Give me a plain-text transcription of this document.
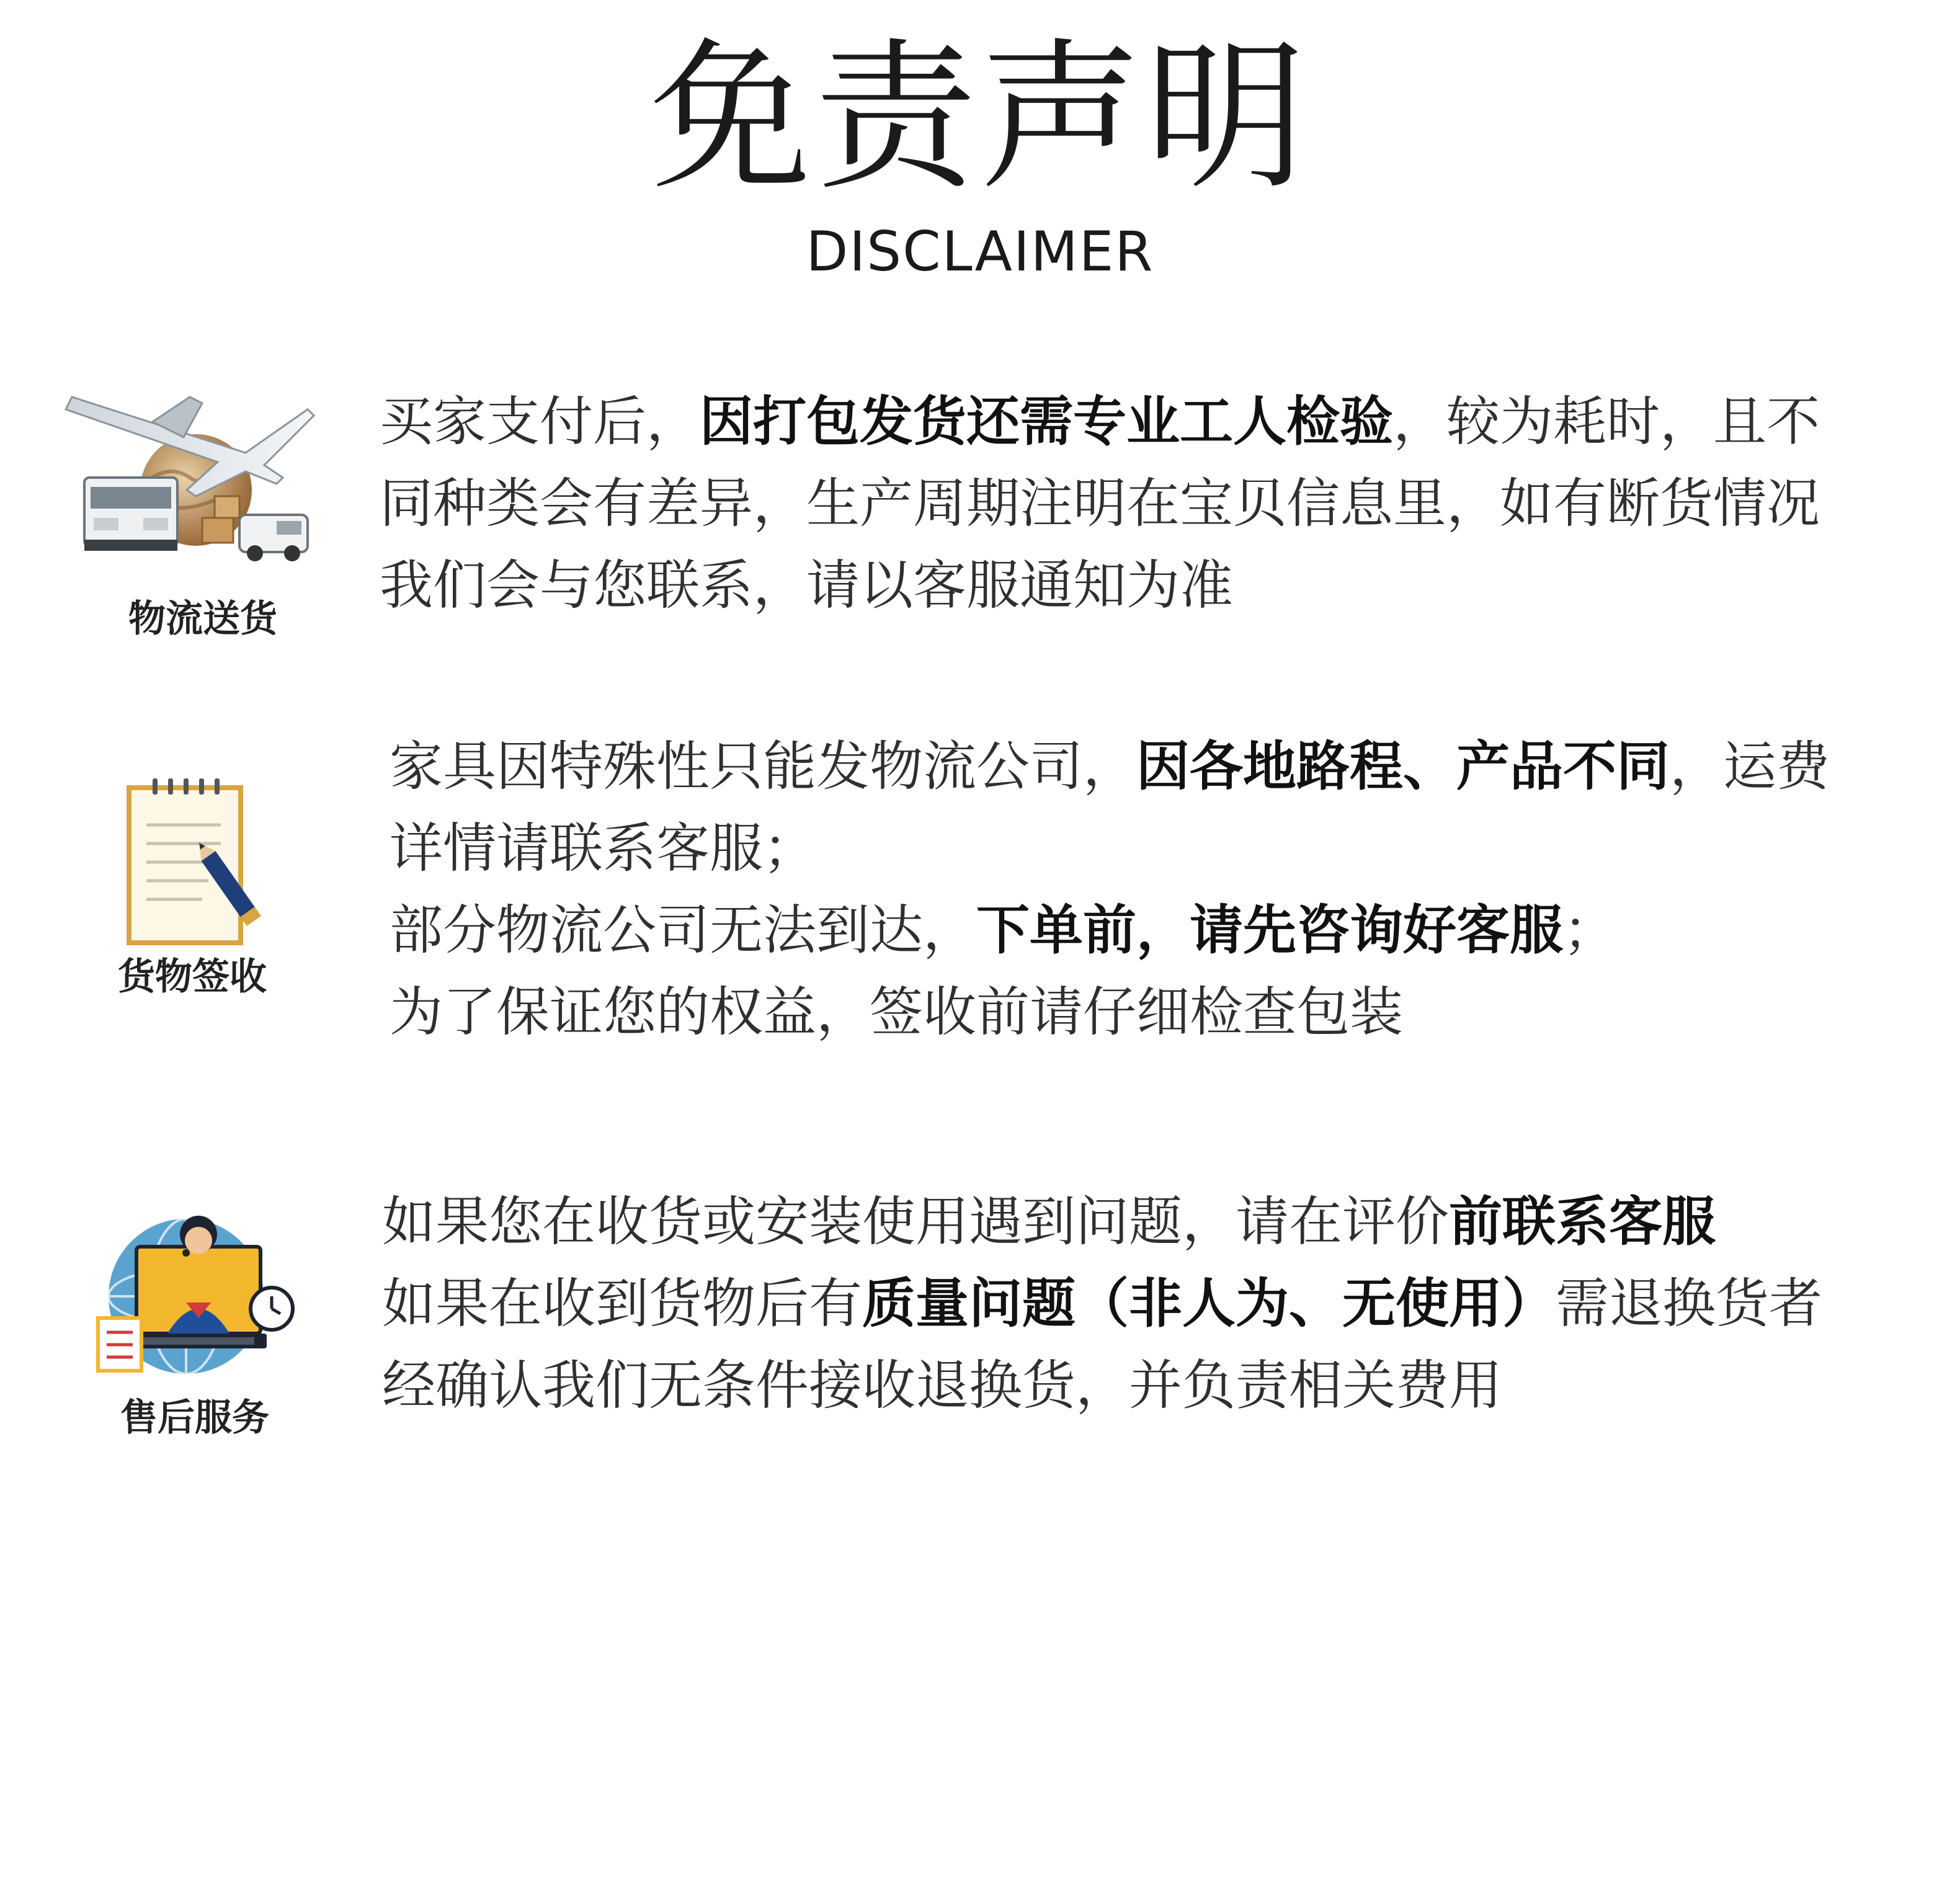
免责声明
DISCLAIMER
物流送货
买家支付后，因打包发货还需专业工人检验，较为耗时，且不
同种类会有差异，生产周期注明在宝贝信息里，如有断货情况
我们会与您联系，请以客服通知为准
货物签收
家具因特殊性只能发物流公司，因各地路程、产品不同，运费
详情请联系客服；
部分物流公司无法到达，下单前，请先咨询好客服；
为了保证您的权益，签收前请仔细检查包装
售后服务
如果您在收货或安装使用遇到问题，请在评价前联系客服
如果在收到货物后有质量问题（非人为、无使用）需退换货者
经确认我们无条件接收退换货，并负责相关费用
